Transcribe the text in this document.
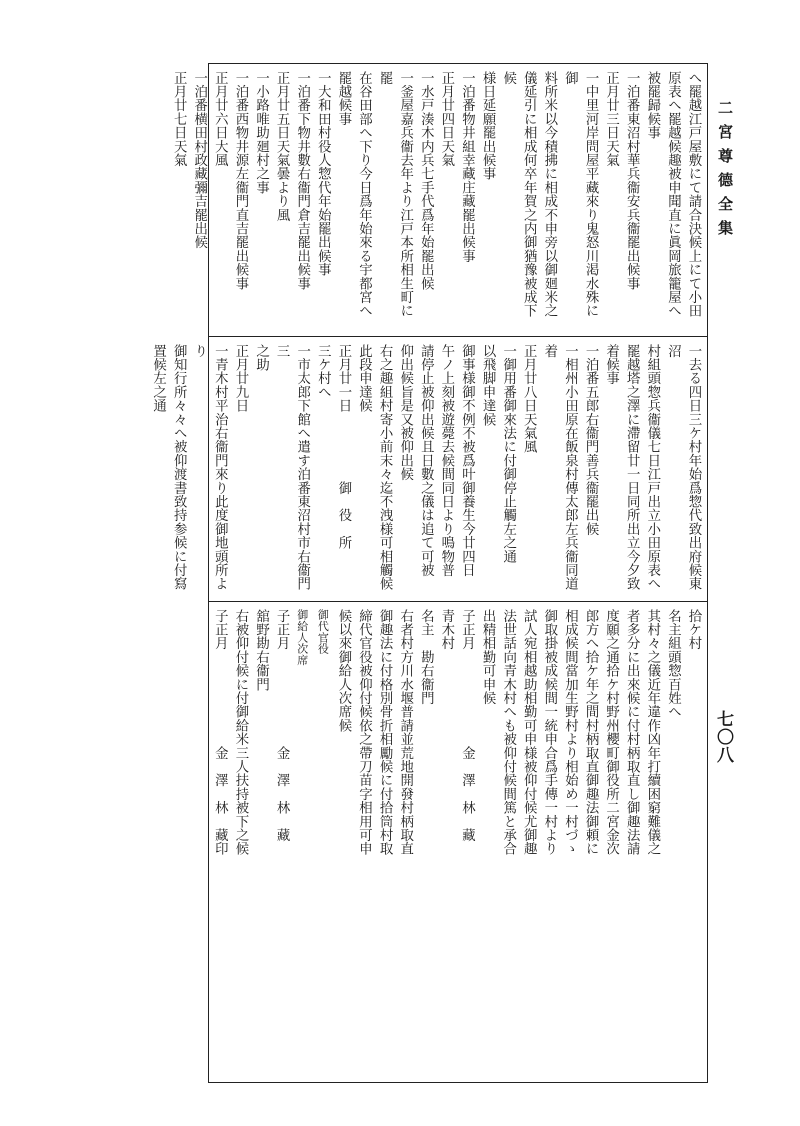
二宮尊德全集
七〇八

へ罷越江戸屋敷にて請合決候上にて小田

原表へ罷越候趣被申聞直に眞岡旅籠屋へ

被罷歸候事

一泊番東沼村華兵衞安兵衞罷出候事

正月廿三日天氣

一中里河岸問屋平藏來り鬼怒川渇水殊に御

料所米以今積拂に相成不申旁以御廻米之

儀延引に相成何卒年賀之内御猶豫被成下候

様日延願罷出候事

一泊番物井組幸藏庄藏罷出候事

正月廿四日天氣

一水戸湊木内兵七手代爲年始罷出候

一釜屋嘉兵衞去年より江戸本所相生町に罷

在谷田部へ下り今日爲年始來る宇都宮へ

罷越候事

一大和田村役人惣代年始罷出候事

一泊番下物井數右衞門倉吉罷出候事

正月廿五日天氣曇より風

一小路唯助廻村之事

一泊番西物井源左衞門直吉罷出候事

正月廿六日大風

一泊番横田村政藏彌吉罷出候

正月廿七日天氣

一去る四日三ケ村年始爲惣代致出府候東沼

村組頭惣兵衞儀七日江戸出立小田原表へ

罷越塔之澤に滯留廿一日同所出立今夕致

着候事

一泊番五郎右衞門善兵衞罷出候

一相州小田原在飯泉村傳太郎左兵衞同道着

正月廿八日天氣風

一御用番御來法に付御停止觸左之通

以飛脚申達候

御事様御不例不被爲叶御養生今廿四日

午ノ上刻被遊薨去候間同日より鳴物普

請停止被仰出候且日數之儀は追て可被

仰出候旨是又被仰出候

右之趣組村寄小前末々迄不洩様可相觸候

此段申達候

正月廿一日　　　　　御　役　所

三ケ村へ

一市太郎下館へ遣す泊番東沼村市右衞門三

之助

正月廿九日

一青木村平治右衞門來り此度御地頭所より

御知行所々々へ被仰渡書致持参候に付寫

置候左之通

拾ケ村

名主組頭惣百姓へ

其村々之儀近年違作凶年打續困窮難儀之

者多分に出來候に付村柄取直し御趣法請

度願之通拾ケ村野州櫻町御役所二宮金次

郎方へ拾ケ年之間村柄取直御趣法御頼に

相成候間當加生野村より相始め一村づゝ

御取掛被成候間一統申合爲手傳一村より

試人宛相越助相勤可申様被仰付候尤御趣

法世話向青木村へも被仰付候間篤と承合

出精相勤可申候

子正月　　　　　　　金　澤　林　藏

青木村

名主　勘右衞門

右者村方川水堰普請並荒地開發村柄取直

御趣法に付格別骨折相勵候に付拾筒村取

締代官役被仰付候依之帶刀苗字相用可申

候以來御給人次席候

御代官役

御給人次席

子正月　　　　　　　金　澤　林　藏

舘野勘右衞門

右被仰付候に付御給米三人扶持被下之候

子正月　　　　　　　金　澤　林　藏印
